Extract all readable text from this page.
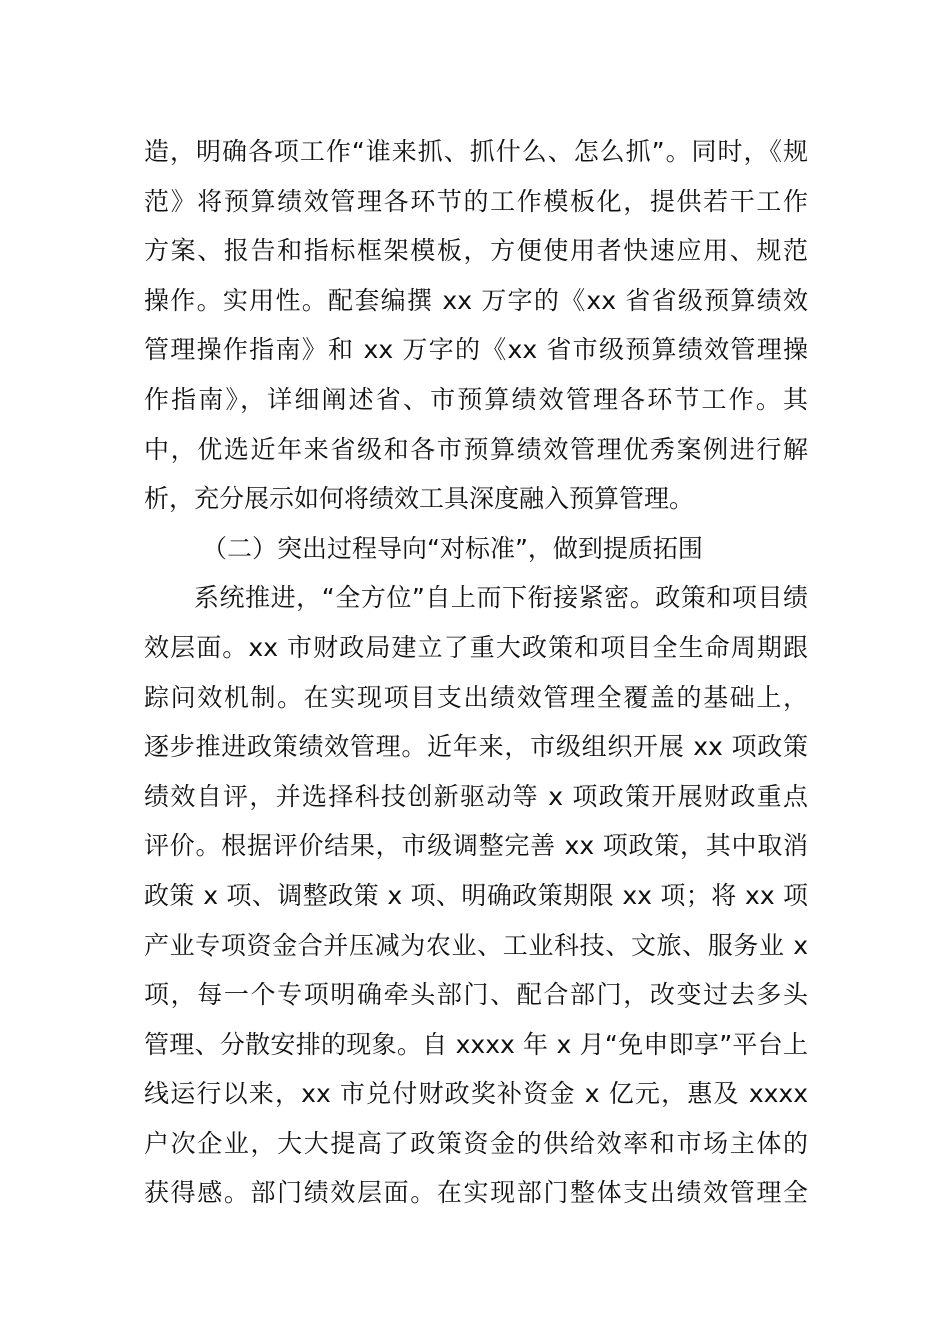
造，明确各项工作“谁来抓、抓什么、怎么抓”。同时，《规
范》将预算绩效管理各环节的工作模板化，提供若干工作
方案、报告和指标框架模板，方便使用者快速应用、规范
操作。实用性。配套编撰 xx 万字的《xx 省省级预算绩效
管理操作指南》和 xx 万字的《xx 省市级预算绩效管理操
作指南》，详细阐述省、市预算绩效管理各环节工作。其
中，优选近年来省级和各市预算绩效管理优秀案例进行解
析，充分展示如何将绩效工具深度融入预算管理。
（二）突出过程导向“对标准”，做到提质拓围
系统推进，“全方位”自上而下衔接紧密。政策和项目绩
效层面。xx 市财政局建立了重大政策和项目全生命周期跟
踪问效机制。在实现项目支出绩效管理全覆盖的基础上，
逐步推进政策绩效管理。近年来，市级组织开展 xx 项政策
绩效自评，并选择科技创新驱动等 x 项政策开展财政重点
评价。根据评价结果，市级调整完善 xx 项政策，其中取消
政策 x 项、调整政策 x 项、明确政策期限 xx 项；将 xx 项
产业专项资金合并压减为农业、工业科技、文旅、服务业 x
项，每一个专项明确牵头部门、配合部门，改变过去多头
管理、分散安排的现象。自 xxxx 年 x 月“免申即享”平台上
线运行以来，xx 市兑付财政奖补资金 x 亿元，惠及 xxxx
户次企业，大大提高了政策资金的供给效率和市场主体的
获得感。部门绩效层面。在实现部门整体支出绩效管理全
